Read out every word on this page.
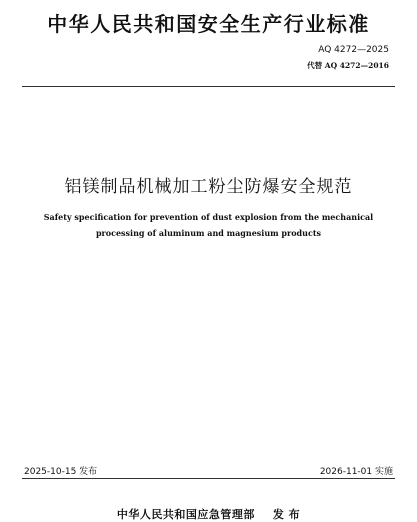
中华人民共和国安全生产行业标准
AQ 4272—2025
代替 AQ 4272—2016
铝镁制品机械加工粉尘防爆安全规范
Safety specification for prevention of dust explosion from the mechanical
processing of aluminum and magnesium products
2025-10-15 发布	2026-11-01 实施
中华人民共和国应急管理部 发 布
